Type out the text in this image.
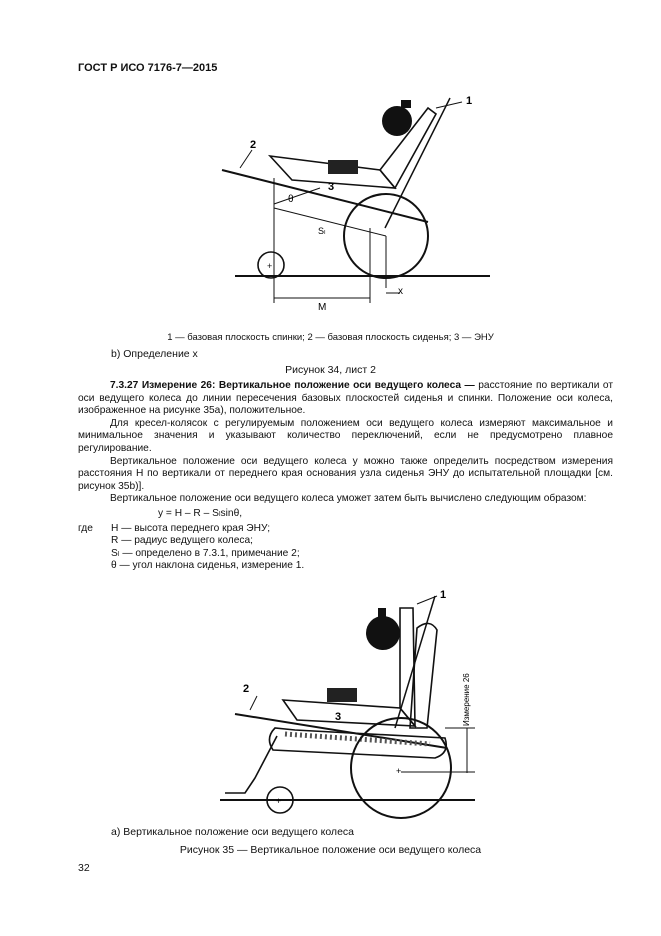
ГОСТ Р ИСО 7176-7—2015
+
1
2
3
θ
Sₗ
M
x
1 — базовая плоскость спинки; 2 — базовая плоскость сиденья; 3 — ЭНУ
b) Определение x
Рисунок 34, лист 2

7.3.27 Измерение 26: Вертикальное положение оси ведущего колеса — расстояние по вертикали от оси ведущего колеса до линии пересечения базовых плоскостей сиденья и спинки. Положение оси колеса, изображенное на рисунке 35a), положительное.

Для кресел-колясок с регулируемым положением оси ведущего колеса измеряют максимальное и минимальное значения и указывают количество переключений, если не предусмотрено плавное регулирование.

Вертикальное положение оси ведущего колеса y можно также определить посредством измерения расстояния H по вертикали от переднего края основания узла сиденья ЭНУ до испытательной площадки [см. рисунок 35b)].

Вертикальное положение оси ведущего колеса yможет затем быть вычислено следующим образом:

y = H – R – Sₗsinθ,

где	H — высота переднего края ЭНУ;
R — радиус ведущего колеса;
Sₗ — определено в 7.3.1, примечание 2;
θ — угол наклона сиденья, измерение 1.
+
+
1
2
3	Измерение 26
a) Вертикальное положение оси ведущего колеса
Рисунок 35 — Вертикальное положение оси ведущего колеса
32
